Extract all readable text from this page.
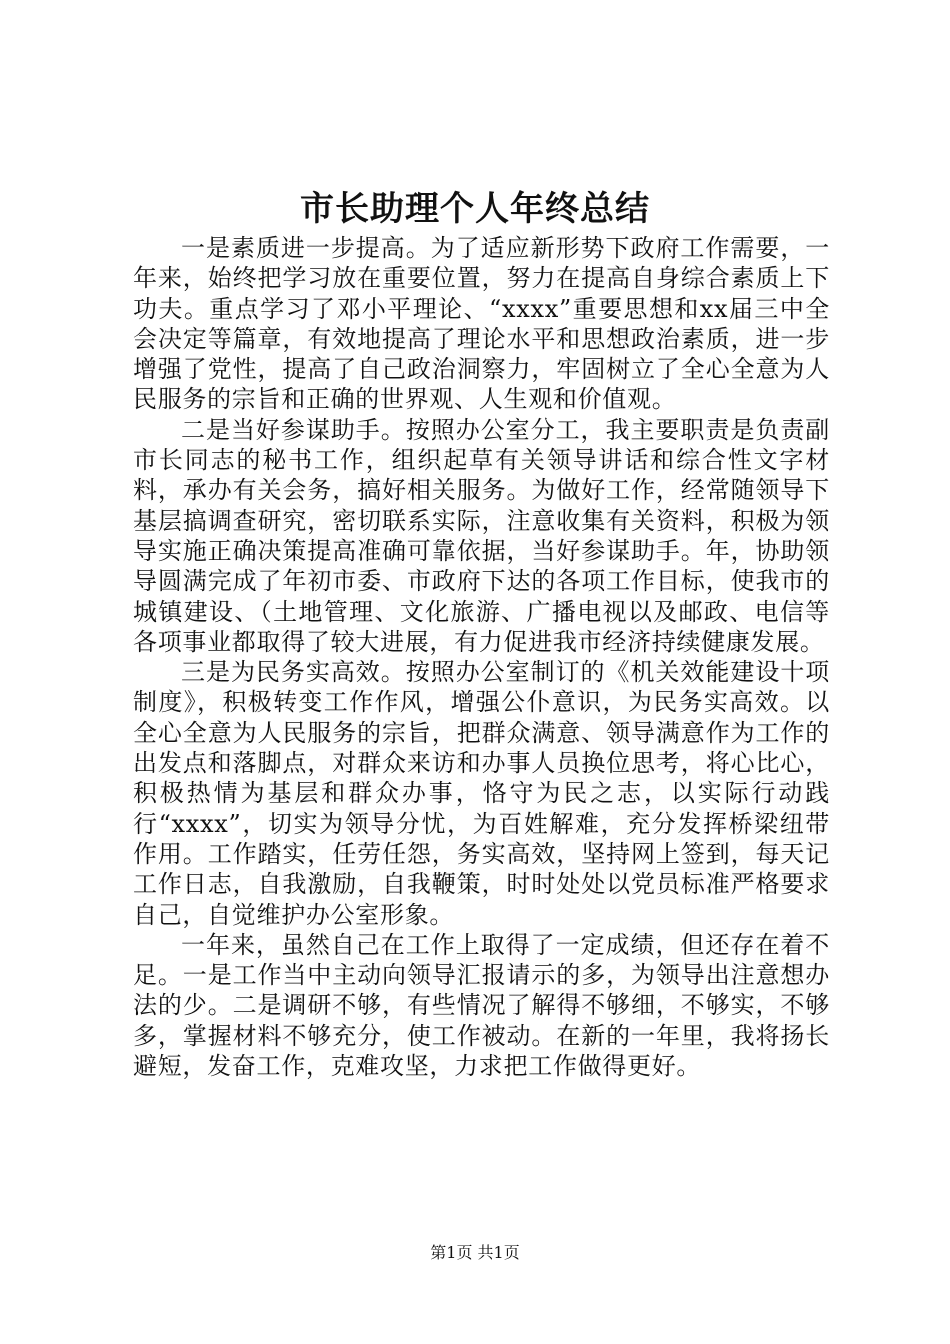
市长助理个人年终总结

一是素质进一步提高。为了适应新形势下政府工作需要，一年来，始终把学习放在重要位置，努力在提高自身综合素质上下功夫。重点学习了邓小平理论、“xxxx”重要思想和xx届三中全会决定等篇章，有效地提高了理论水平和思想政治素质，进一步增强了党性，提高了自己政治洞察力，牢固树立了全心全意为人民服务的宗旨和正确的世界观、人生观和价值观。

二是当好参谋助手。按照办公室分工，我主要职责是负责副市长同志的秘书工作，组织起草有关领导讲话和综合性文字材料，承办有关会务，搞好相关服务。为做好工作，经常随领导下基层搞调查研究，密切联系实际，注意收集有关资料，积极为领导实施正确决策提高准确可靠依据，当好参谋助手。年，协助领导圆满完成了年初市委、市政府下达的各项工作目标，使我市的城镇建设、（土地管理、文化旅游、广播电视以及邮政、电信等各项事业都取得了较大进展，有力促进我市经济持续健康发展。

三是为民务实高效。按照办公室制订的《机关效能建设十项制度》，积极转变工作作风，增强公仆意识，为民务实高效。以全心全意为人民服务的宗旨，把群众满意、领导满意作为工作的出发点和落脚点，对群众来访和办事人员换位思考，将心比心，积极热情为基层和群众办事，恪守为民之志，以实际行动践行“xxxx”，切实为领导分忧，为百姓解难，充分发挥桥梁纽带作用。工作踏实，任劳任怨，务实高效，坚持网上签到，每天记工作日志，自我激励，自我鞭策，时时处处以党员标准严格要求自己，自觉维护办公室形象。

一年来，虽然自己在工作上取得了一定成绩，但还存在着不足。一是工作当中主动向领导汇报请示的多，为领导出注意想办法的少。二是调研不够，有些情况了解得不够细，不够实，不够多，掌握材料不够充分，使工作被动。在新的一年里，我将扬长避短，发奋工作，克难攻坚，力求把工作做得更好。

第1页 共1页
